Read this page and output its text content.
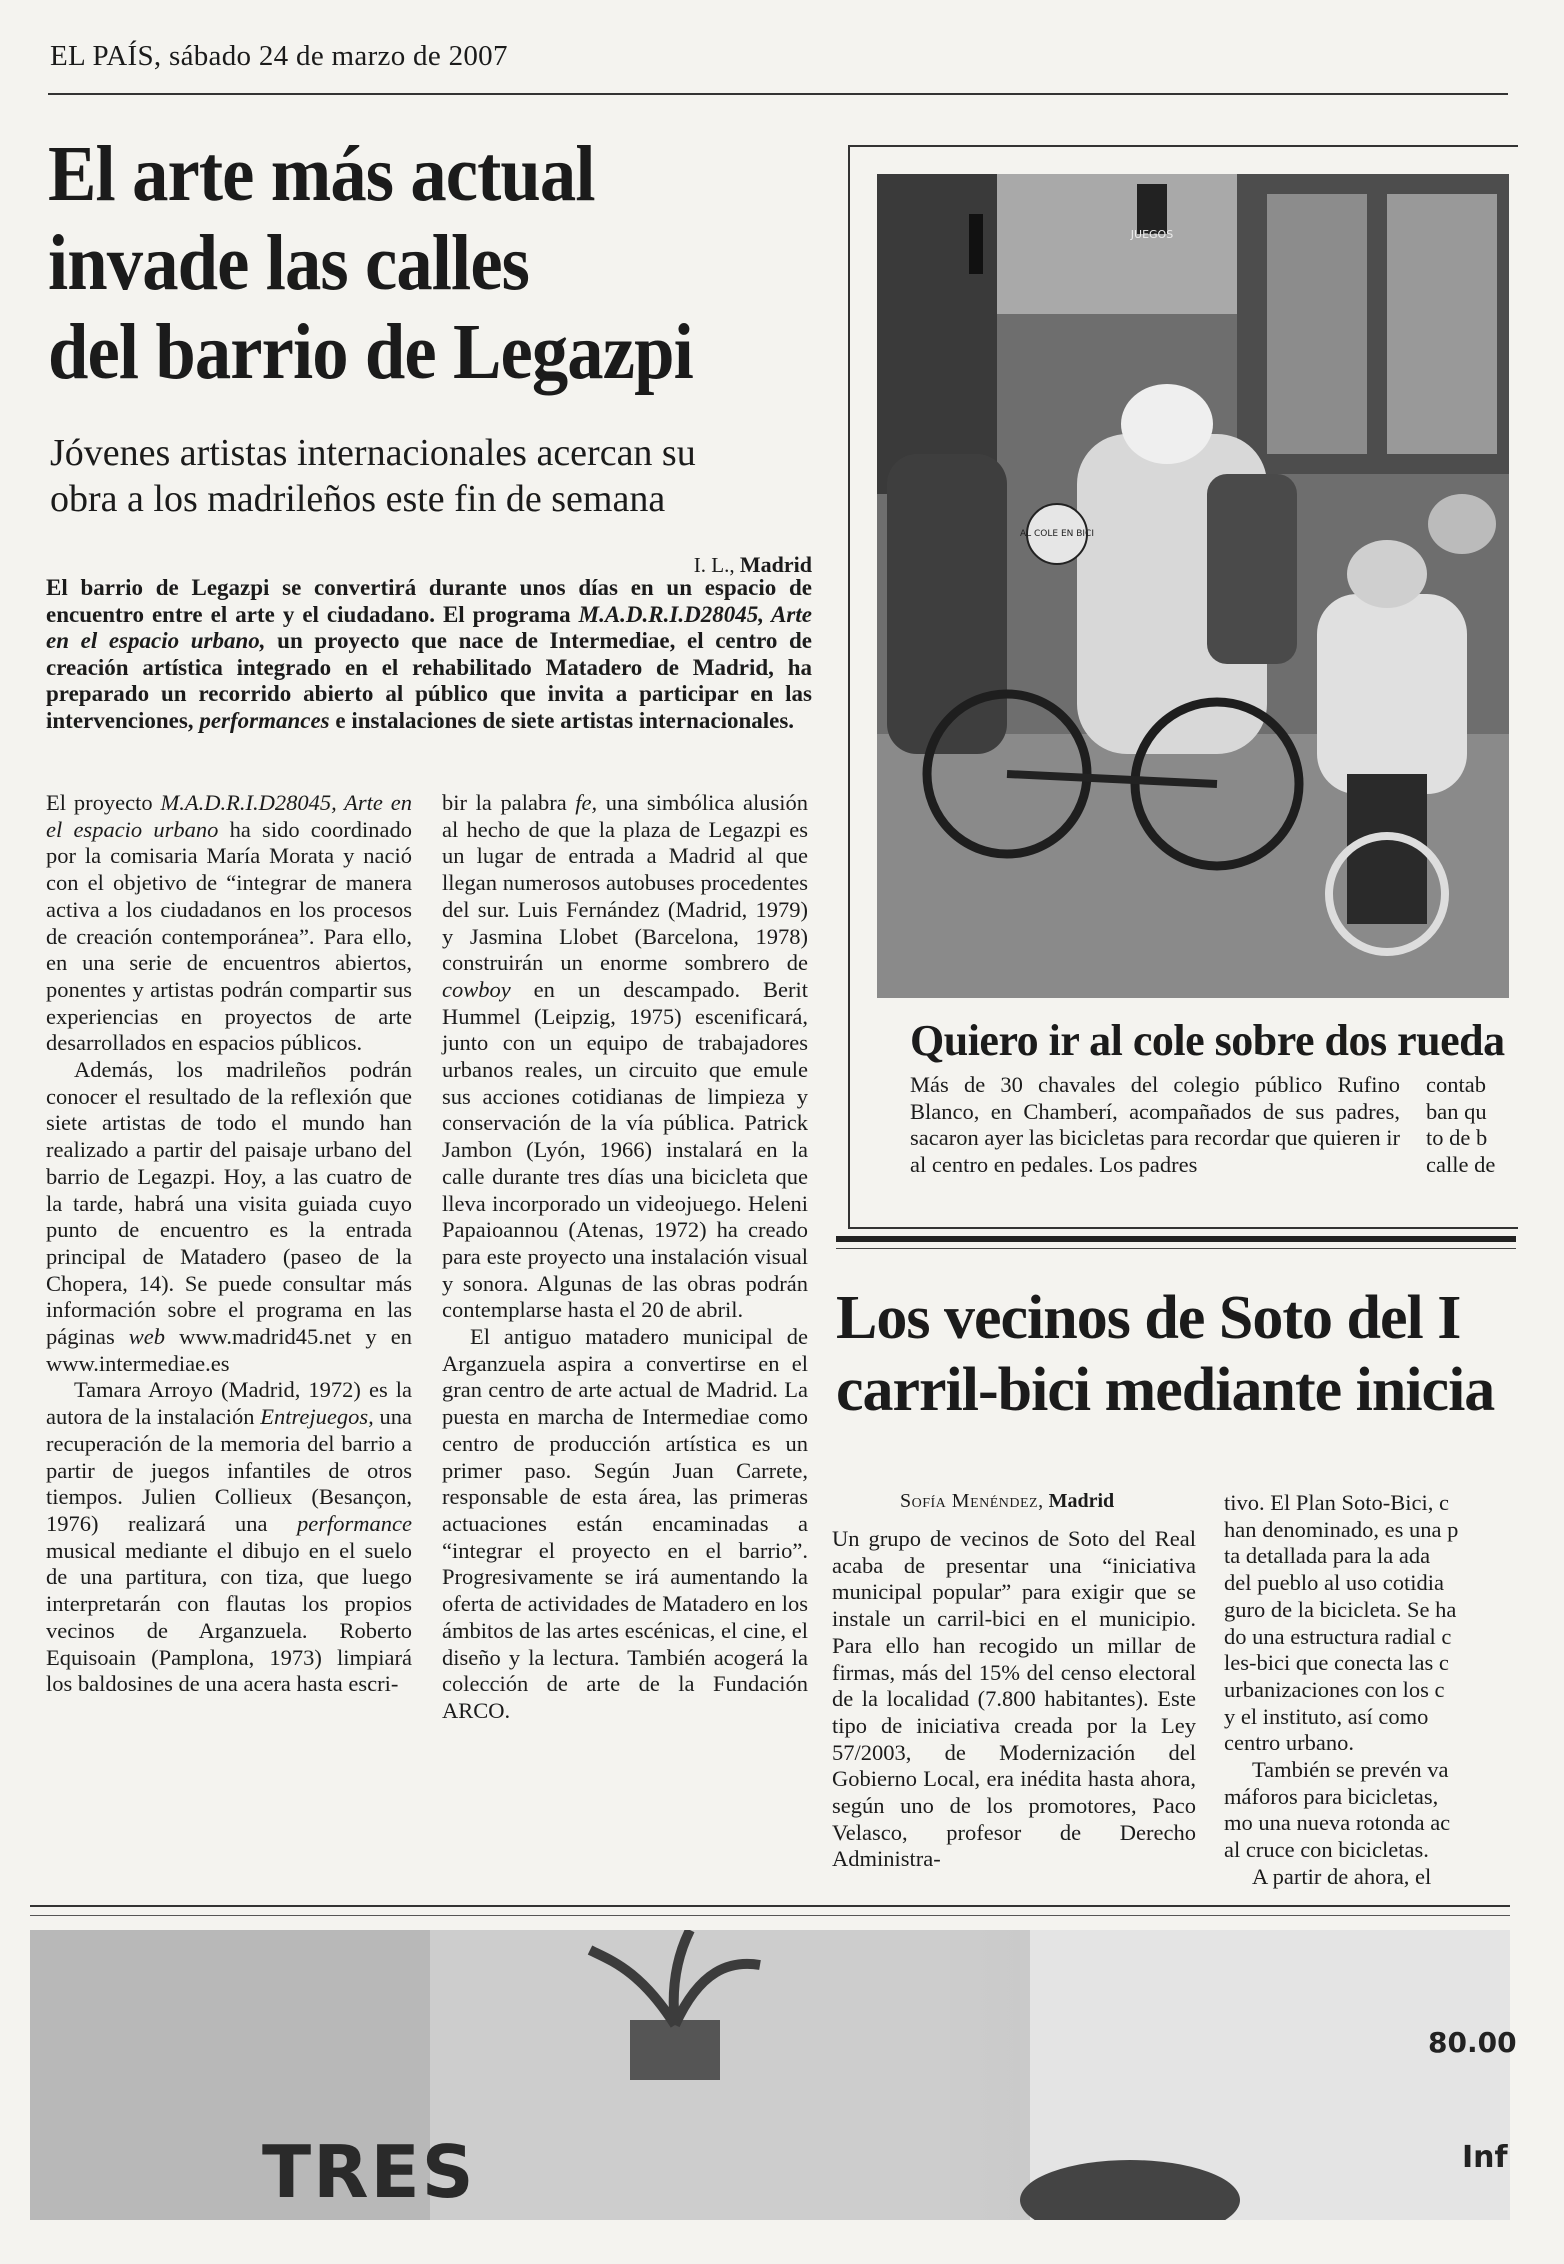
EL PAÍS, sábado 24 de marzo de 2007
El arte más actual
invade las calles
del barrio de Legazpi
Jóvenes artistas internacionales acercan su obra a los madrileños este fin de semana
I. L., Madrid
El barrio de Legazpi se convertirá durante unos días en un espacio de encuentro entre el arte y el ciudadano. El programa M.A.D.R.I.D28045, Arte en el espacio urbano, un proyecto que nace de Intermediae, el centro de creación artística integrado en el rehabilitado Matadero de Madrid, ha preparado un recorrido abierto al público que invita a participar en las intervenciones, performances e instalaciones de siete artistas internacionales.

El proyecto M.A.D.R.I.D28045, Arte en el espacio urbano ha sido coordinado por la comisaria María Morata y nació con el objetivo de “integrar de manera activa a los ciudadanos en los procesos de creación contemporánea”. Para ello, en una serie de encuentros abiertos, ponentes y artistas podrán compartir sus experiencias en proyectos de arte desarrollados en espacios públicos.

Además, los madrileños podrán conocer el resultado de la reflexión que siete artistas de todo el mundo han realizado a partir del paisaje urbano del barrio de Legazpi. Hoy, a las cuatro de la tarde, habrá una visita guiada cuyo punto de encuentro es la entrada principal de Matadero (paseo de la Chopera, 14). Se puede consultar más información sobre el programa en las páginas web www.madrid45.net y en www.intermediae.es

Tamara Arroyo (Madrid, 1972) es la autora de la instalación Entrejuegos, una recuperación de la memoria del barrio a partir de juegos infantiles de otros tiempos. Julien Collieux (Besançon, 1976) realizará una performance musical mediante el dibujo en el suelo de una partitura, con tiza, que luego interpretarán con flautas los propios vecinos de Arganzuela. Roberto Equisoain (Pamplona, 1973) limpiará los baldosines de una acera hasta escri-

bir la palabra fe, una simbólica alusión al hecho de que la plaza de Legazpi es un lugar de entrada a Madrid al que llegan numerosos autobuses procedentes del sur. Luis Fernández (Madrid, 1979) y Jasmina Llobet (Barcelona, 1978) construirán un enorme sombrero de cowboy en un descampado. Berit Hummel (Leipzig, 1975) escenificará, junto con un equipo de trabajadores urbanos reales, un circuito que emule sus acciones cotidianas de limpieza y conservación de la vía pública. Patrick Jambon (Lyón, 1966) instalará en la calle durante tres días una bicicleta que lleva incorporado un videojuego. Heleni Papaioannou (Atenas, 1972) ha creado para este proyecto una instalación visual y sonora. Algunas de las obras podrán contemplarse hasta el 20 de abril.

El antiguo matadero municipal de Arganzuela aspira a convertirse en el gran centro de arte actual de Madrid. La puesta en marcha de Intermediae como centro de producción artística es un primer paso. Según Juan Carrete, responsable de esta área, las primeras actuaciones están encaminadas a “integrar el proyecto en el barrio”. Progresivamente se irá aumentando la oferta de actividades de Matadero en los ámbitos de las artes escénicas, el cine, el diseño y la lectura. También acogerá la colección de arte de la Fundación ARCO.

JUEGOS
AL COLE EN BICI
Quiero ir al cole sobre dos rueda
Más de 30 chavales del colegio público Rufino Blanco, en Chamberí, acompañados de sus padres, sacaron ayer las bicicletas para recordar que quieren ir al centro en pedales. Los padres
contab
ban qu
to de b
calle de
Los vecinos de Soto del I
carril-bici mediante inicia
Sofía Menéndez, Madrid

Un grupo de vecinos de Soto del Real acaba de presentar una “iniciativa municipal popular” para exigir que se instale un carril-bici en el municipio. Para ello han recogido un millar de firmas, más del 15% del censo electoral de la localidad (7.800 habitantes). Este tipo de iniciativa creada por la Ley 57/2003, de Modernización del Gobierno Local, era inédita hasta ahora, según uno de los promotores, Paco Velasco, profesor de Derecho Administra-

tivo. El Plan Soto-Bici, c
han denominado, es una p
ta detallada para la ada
del pueblo al uso cotidia
guro de la bicicleta. Se ha
do una estructura radial c
les-bici que conecta las c
urbanizaciones con los c
y el instituto, así como
centro urbano.
También se prevén va
máforos para bicicletas,
mo una nueva rotonda ac
al cruce con bicicletas.
A partir de ahora, el
TRES
80.00
Inf
